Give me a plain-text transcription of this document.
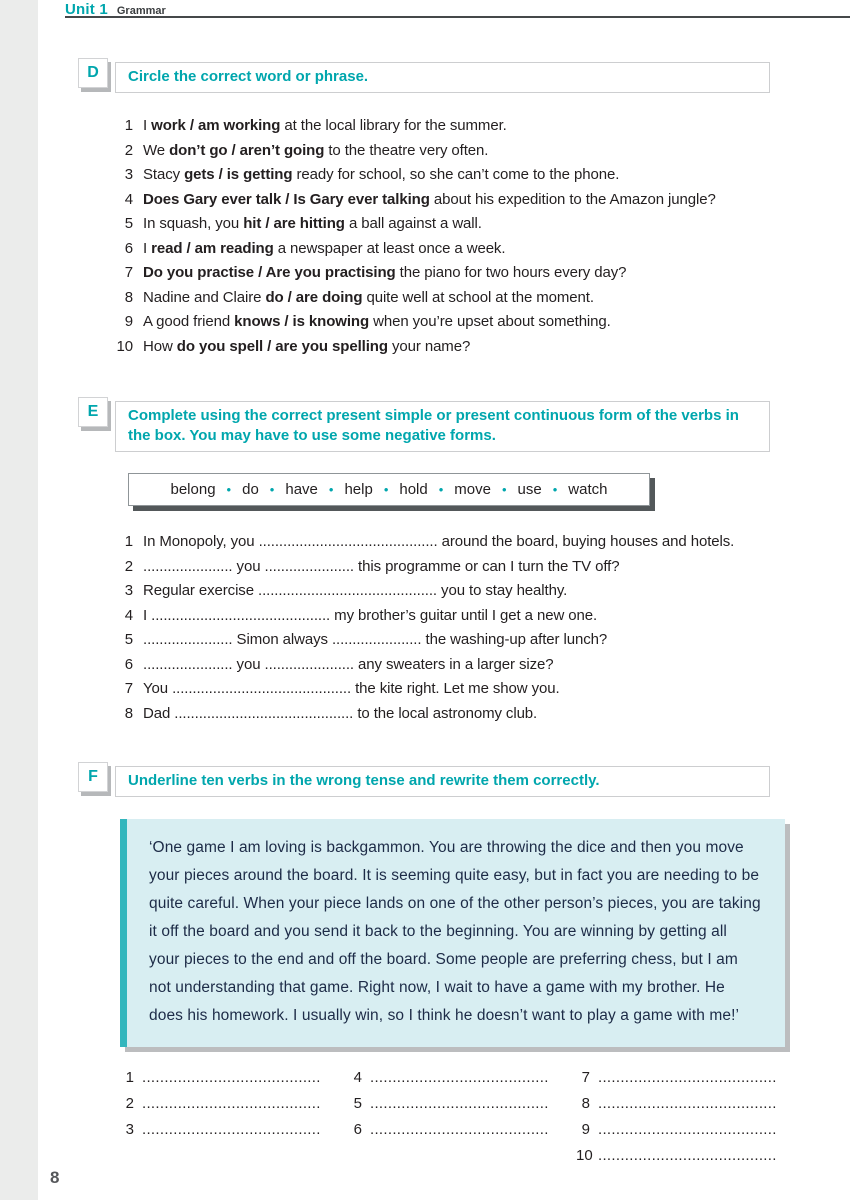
Unit 1 Grammar
D	Circle the correct word or phrase.
1 I work / am working at the local library for the summer.
2 We don’t go / aren’t going to the theatre very often.
3 Stacy gets / is getting ready for school, so she can’t come to the phone.
4 Does Gary ever talk / Is Gary ever talking about his expedition to the Amazon jungle?
5 In squash, you hit / are hitting a ball against a wall.
6 I read / am reading a newspaper at least once a week.
7 Do you practise / Are you practising the piano for two hours every day?
8 Nadine and Claire do / are doing quite well at school at the moment.
9 A good friend knows / is knowing when you’re upset about something.
10 How do you spell / are you spelling your name?
E	Complete using the correct present simple or present continuous form of the verbs in the box. You may have to use some negative forms.
belong • do • have • help • hold • move • use • watch
1 In Monopoly, you ............................................ around the board, buying houses and hotels.
2 ...................... you ...................... this programme or can I turn the TV off?
3 Regular exercise ............................................ you to stay healthy.
4 I ............................................ my brother’s guitar until I get a new one.
5 ...................... Simon always ...................... the washing-up after lunch?
6 ...................... you ...................... any sweaters in a larger size?
7 You ............................................ the kite right. Let me show you.
8 Dad ............................................ to the local astronomy club.
F	Underline ten verbs in the wrong tense and rewrite them correctly.
‘One game I am loving is backgammon. You are throwing the dice and then you move your pieces around the board. It is seeming quite easy, but in fact you are needing to be quite careful. When your piece lands on one of the other person’s pieces, you are taking it off the board and you send it back to the beginning. You are winning by getting all your pieces to the end and off the board. Some people are preferring chess, but I am not understanding that game. Right now, I wait to have a game with my brother. He does his homework. I usually win, so I think he doesn’t want to play a game with me!’
1 ........................................
2 ........................................
3 ........................................
4 ........................................
5 ........................................
6 ........................................
7 ........................................
8 ........................................
9 ........................................
10 ........................................
8
